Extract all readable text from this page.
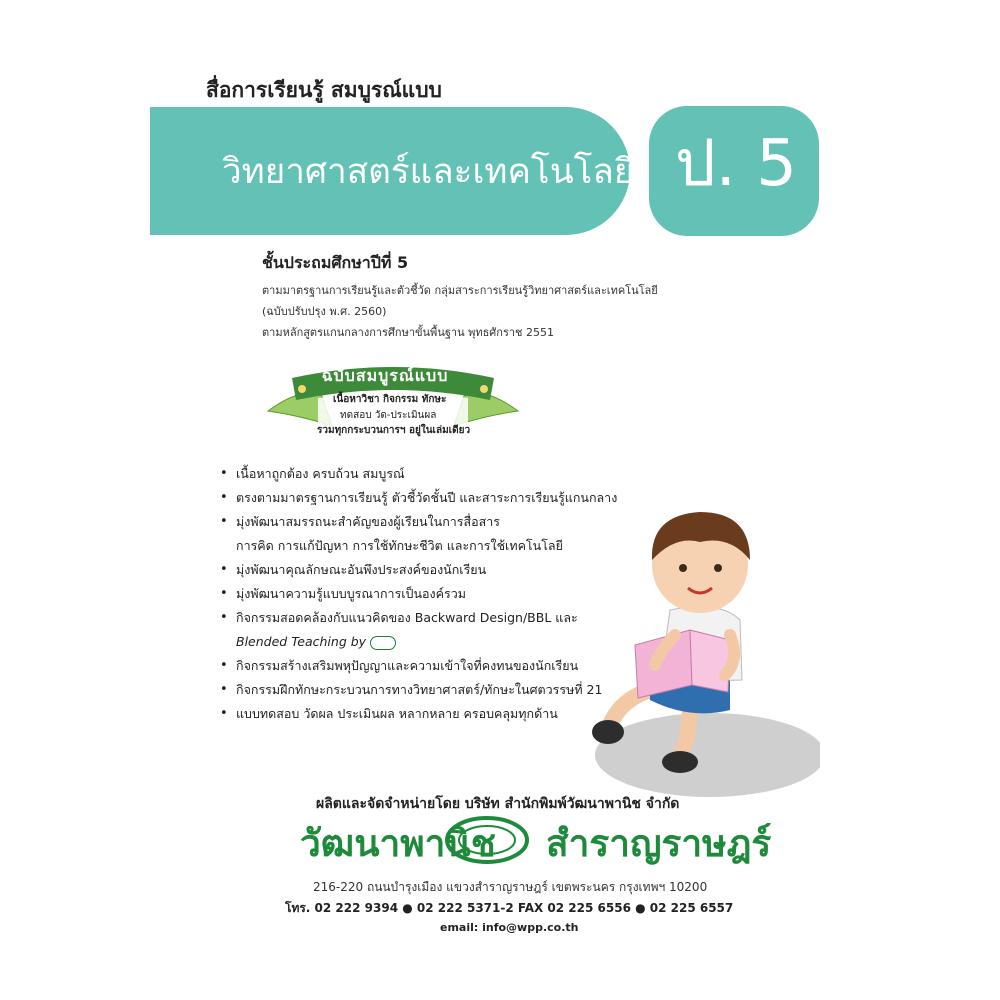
สื่อการเรียนรู้ สมบูรณ์แบบ
วิทยาศาสตร์และเทคโนโลยี ป. 5
ชั้นประถมศึกษาปีที่ 5
ตามมาตรฐานการเรียนรู้และตัวชี้วัด กลุ่มสาระการเรียนรู้วิทยาศาสตร์และเทคโนโลยี
(ฉบับปรับปรุง พ.ศ. 2560)
ตามหลักสูตรแกนกลางการศึกษาขั้นพื้นฐาน พุทธศักราช 2551
ฉบับสมบูรณ์แบบ
เนื้อหาวิชา กิจกรรม ทักษะ
ทดสอบ วัด-ประเมินผล
รวมทุกกระบวนการฯ อยู่ในเล่มเดียว
• เนื้อหาถูกต้อง ครบถ้วน สมบูรณ์
• ตรงตามมาตรฐานการเรียนรู้ ตัวชี้วัดชั้นปี และสาระการเรียนรู้แกนกลาง
• มุ่งพัฒนาสมรรถนะสำคัญของผู้เรียนในการสื่อสาร
การคิด การแก้ปัญหา การใช้ทักษะชีวิต และการใช้เทคโนโลยี
• มุ่งพัฒนาคุณลักษณะอันพึงประสงค์ของนักเรียน
• มุ่งพัฒนาความรู้แบบบูรณาการเป็นองค์รวม
• กิจกรรมสอดคล้องกับแนวคิดของ Backward Design/BBL และ
Blended Teaching by
• กิจกรรมสร้างเสริมพหุปัญญาและความเข้าใจที่คงทนของนักเรียน
• กิจกรรมฝึกทักษะกระบวนการทางวิทยาศาสตร์/ทักษะในศตวรรษที่ 21
• แบบทดสอบ วัดผล ประเมินผล หลากหลาย ครอบคลุมทุกด้าน
ผลิตและจัดจำหน่ายโดย บริษัท สำนักพิมพ์วัฒนาพานิช จำกัด
วัฒนาพานิช สำราญราษฎร์
216-220 ถนนบำรุงเมือง แขวงสำราญราษฎร์ เขตพระนคร กรุงเทพฯ 10200
โทร. 02 222 9394 ● 02 222 5371-2 FAX 02 225 6556 ● 02 225 6557
email: info@wpp.co.th
